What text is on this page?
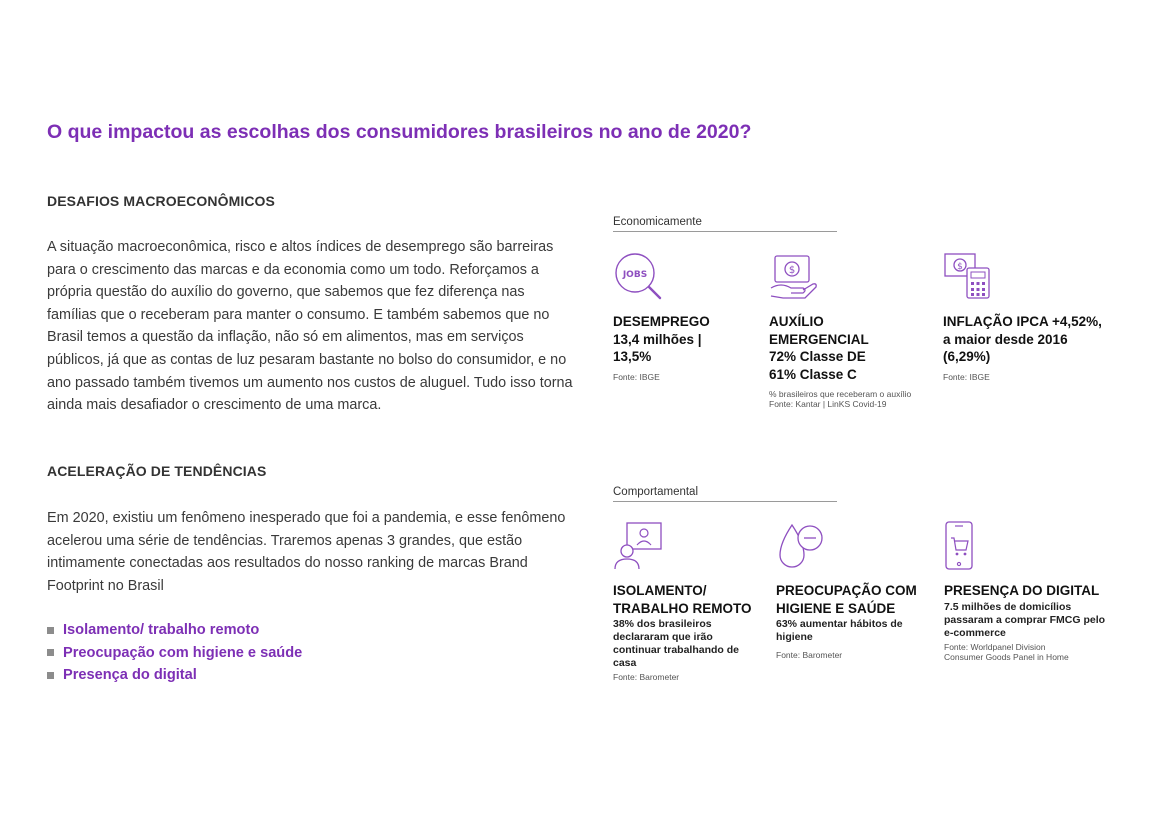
O que impactou as escolhas dos consumidores brasileiros no ano de 2020?
DESAFIOS MACROECONÔMICOS
A situação macroeconômica, risco e altos índices de desemprego são barreiras para o crescimento das marcas e da economia como um todo. Reforçamos a própria questão do auxílio do governo, que sabemos que fez diferença nas famílias que o receberam para manter o consumo. E também sabemos que no Brasil temos a questão da inflação, não só em alimentos, mas em serviços públicos, já que as contas de luz pesaram bastante no bolso do consumidor, e no ano passado também tivemos um aumento nos custos de aluguel. Tudo isso torna ainda mais desafiador o crescimento de uma marca.
ACELERAÇÃO DE TENDÊNCIAS
Em 2020, existiu um fenômeno inesperado que foi a pandemia, e esse fenômeno acelerou uma série de tendências. Traremos apenas 3 grandes, que estão intimamente conectadas aos resultados do nosso ranking de marcas Brand Footprint no Brasil
Isolamento/ trabalho remoto
Preocupação com higiene e saúde
Presença do digital
Economicamente
JOBS
DESEMPREGO
13,4 milhões |
13,5%
Fonte: IBGE
$
AUXÍLIO
EMERGENCIAL
72% Classe DE
61% Classe C
% brasileiros que receberam o auxílio
Fonte: Kantar | LinKS Covid-19
$
INFLAÇÃO IPCA +4,52%,
a maior desde 2016
(6,29%)
Fonte: IBGE
Comportamental
ISOLAMENTO/
TRABALHO REMOTO
38% dos brasileiros
declararam que irão
continuar trabalhando de
casa
Fonte: Barometer
PREOCUPAÇÃO COM
HIGIENE E SAÚDE
63% aumentar hábitos de
higiene
Fonte: Barometer
PRESENÇA DO DIGITAL
7.5 milhões de domicílios
passaram a comprar FMCG pelo
e-commerce
Fonte: Worldpanel Division
Consumer Goods Panel in Home
